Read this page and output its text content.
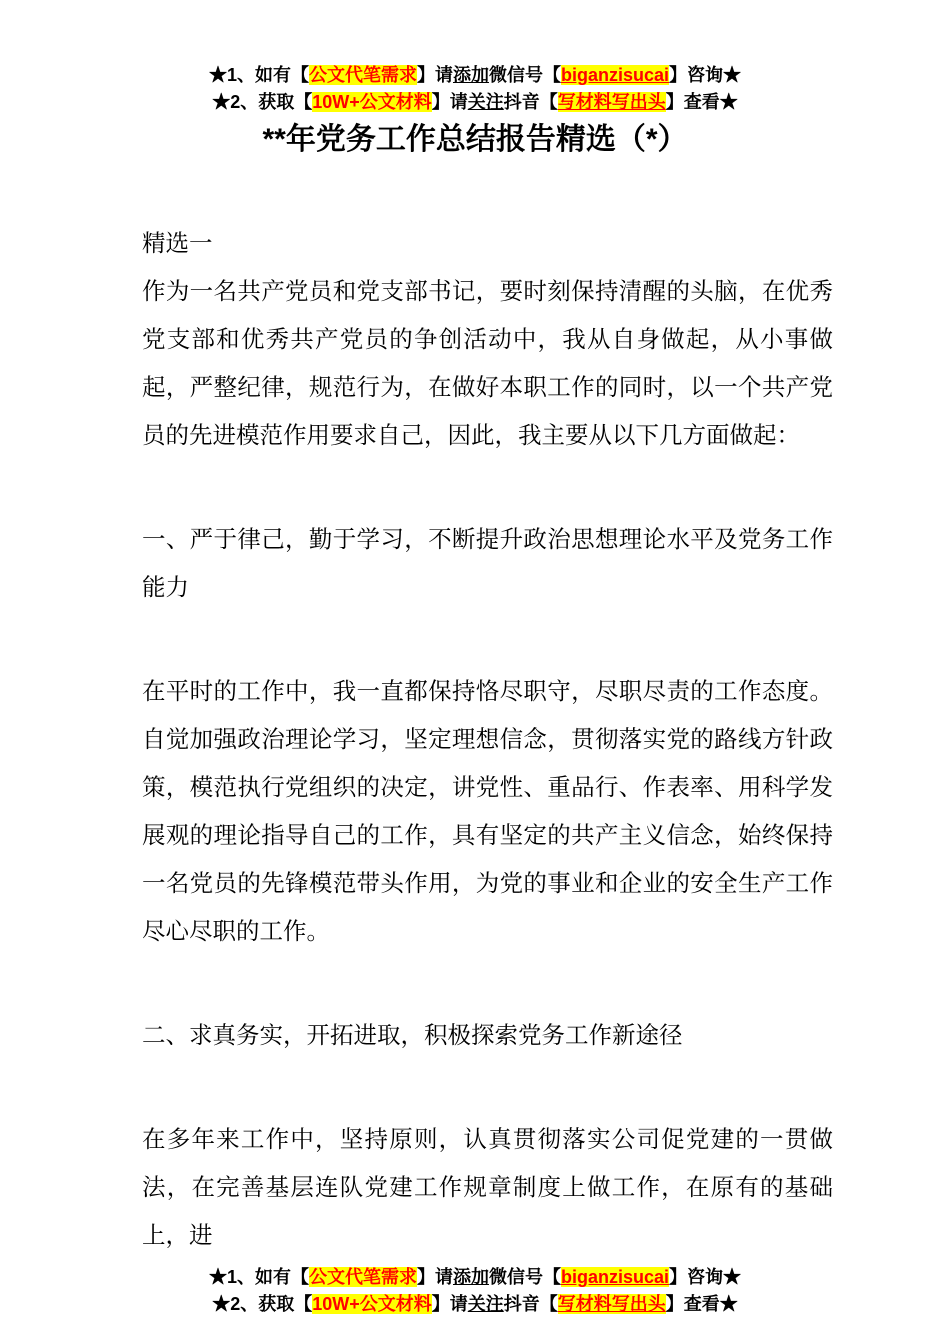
★1、如有【公文代笔需求】请添加微信号【biganzisucai】咨询★
★2、获取【10W+公文材料】请关注抖音【写材料写出头】查看★
**年党务工作总结报告精选（*）

精选一

作为一名共产党员和党支部书记，要时刻保持清醒的头脑，在优秀党支部和优秀共产党员的争创活动中，我从自身做起，从小事做起，严整纪律，规范行为，在做好本职工作的同时，以一个共产党员的先进模范作用要求自己，因此，我主要从以下几方面做起：

一、严于律己，勤于学习，不断提升政治思想理论水平及党务工作能力

在平时的工作中，我一直都保持恪尽职守，尽职尽责的工作态度。自觉加强政治理论学习，坚定理想信念，贯彻落实党的路线方针政策，模范执行党组织的决定，讲党性、重品行、作表率、用科学发展观的理论指导自己的工作，具有坚定的共产主义信念，始终保持一名党员的先锋模范带头作用，为党的事业和企业的安全生产工作尽心尽职的工作。

二、求真务实，开拓进取，积极探索党务工作新途径

在多年来工作中，坚持原则，认真贯彻落实公司促党建的一贯做法，在完善基层连队党建工作规章制度上做工作，在原有的基础上，进

★1、如有【公文代笔需求】请添加微信号【biganzisucai】咨询★
★2、获取【10W+公文材料】请关注抖音【写材料写出头】查看★
